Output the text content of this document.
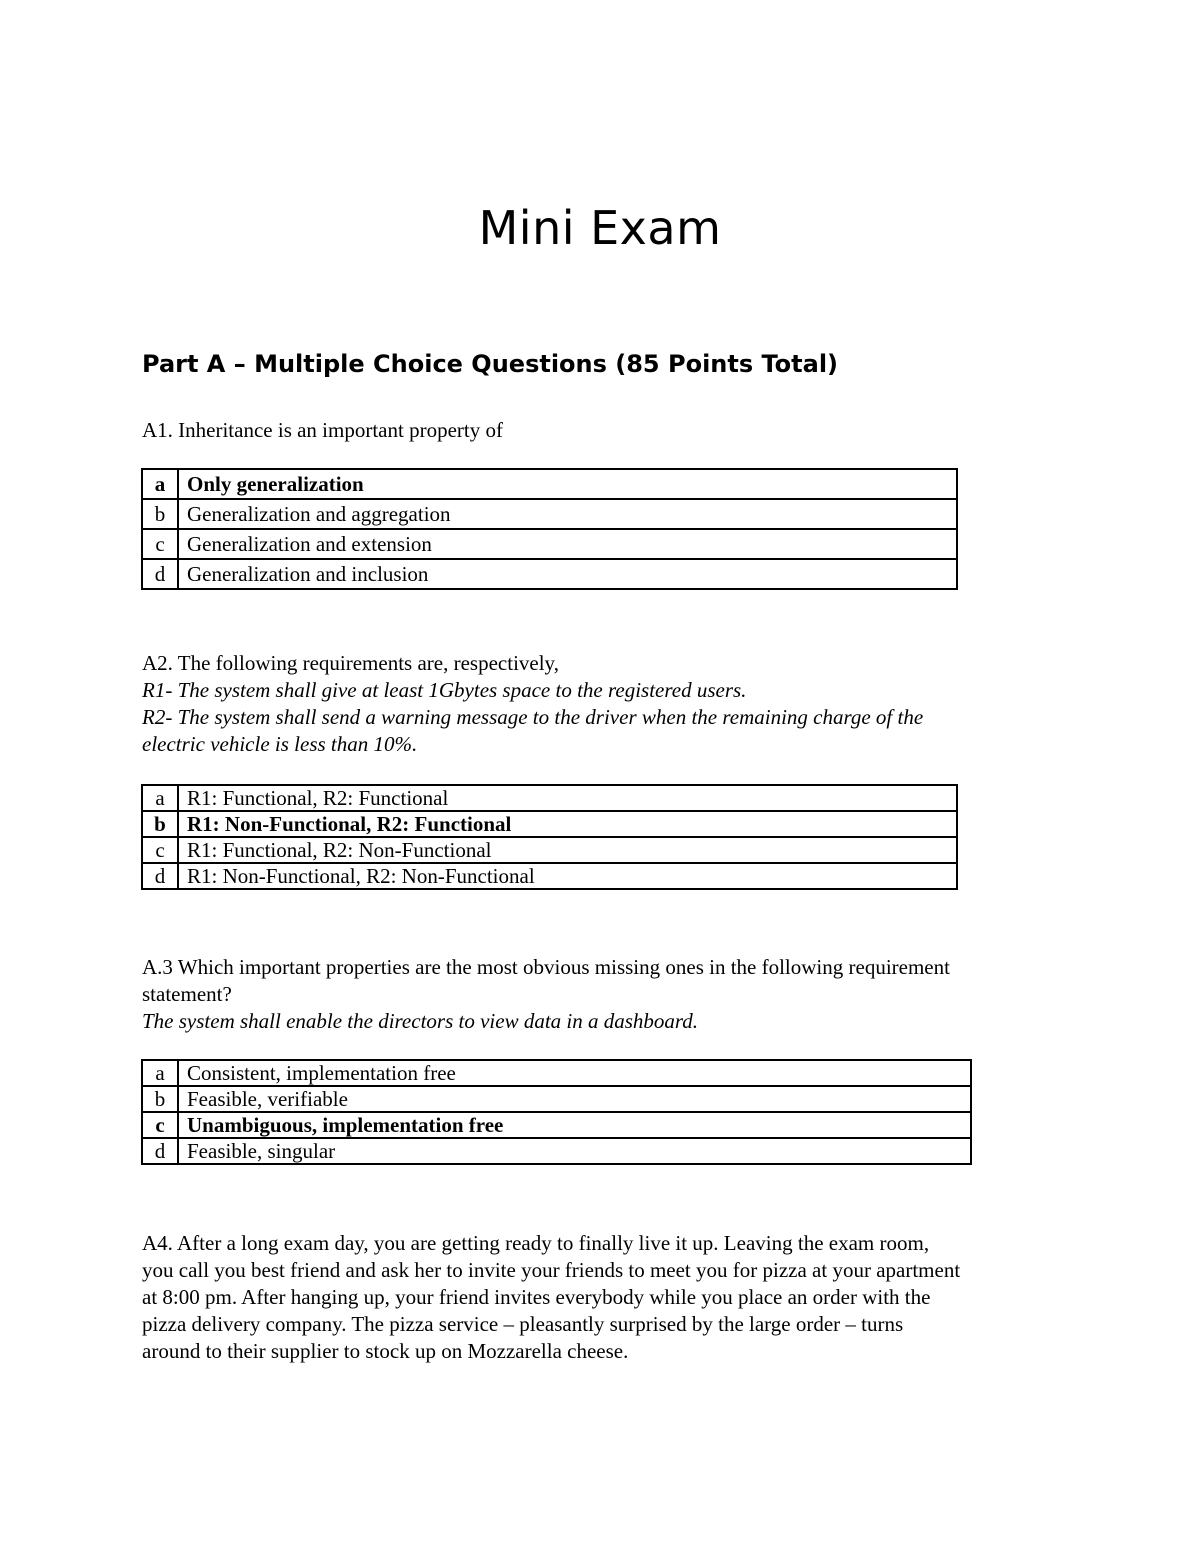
Mini Exam
Part A – Multiple Choice Questions (85 Points Total)
A1. Inheritance is an important property of
a	Only generalization
b	Generalization and aggregation
c	Generalization and extension
d	Generalization and inclusion
A2. The following requirements are, respectively,
R1- The system shall give at least 1Gbytes space to the registered users.
R2- The system shall send a warning message to the driver when the remaining charge of the
electric vehicle is less than 10%.
a	R1: Functional, R2: Functional
b	R1: Non-Functional, R2: Functional
c	R1: Functional, R2: Non-Functional
d	R1: Non-Functional, R2: Non-Functional
A.3 Which important properties are the most obvious missing ones in the following requirement
statement?
The system shall enable the directors to view data in a dashboard.
a	Consistent, implementation free
b	Feasible, verifiable
c	Unambiguous, implementation free
d	Feasible, singular
A4. After a long exam day, you are getting ready to finally live it up. Leaving the exam room,
you call you best friend and ask her to invite your friends to meet you for pizza at your apartment
at 8:00 pm. After hanging up, your friend invites everybody while you place an order with the
pizza delivery company. The pizza service – pleasantly surprised by the large order – turns
around to their supplier to stock up on Mozzarella cheese.
